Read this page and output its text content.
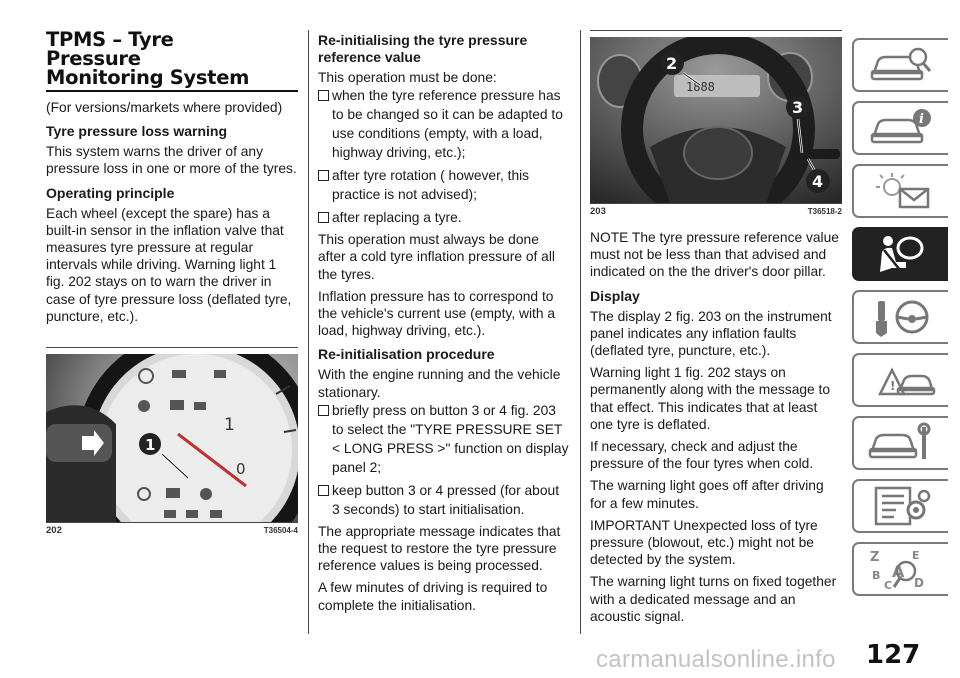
TPMS – Tyre
Pressure
Monitoring System

(For versions/markets where provided)

Tyre pressure loss warning

This system warns the driver of any pressure loss in one or more of the tyres.

Operating principle

Each wheel (except the spare) has a built-in sensor in the inflation valve that measures tyre pressure at regular intervals while driving. Warning light 1 fig. 202 stays on to warn the driver in case of tyre pressure loss (deflated tyre, puncture, etc.).

1
0
1
202	T36504-4
Re-initialising the tyre pressure reference value

This operation must be done:

when the tyre reference pressure has to be changed so it can be adapted to use conditions (empty, with a load, highway driving, etc.);
after tyre rotation ( however, this practice is not advised);
after replacing a tyre.

This operation must always be done after a cold tyre inflation pressure of all the tyres.

Inflation pressure has to correspond to the vehicle's current use (empty, with a load, highway driving, etc.).

Re-initialisation procedure

With the engine running and the vehicle stationary.

briefly press on button 3 or 4 fig. 203 to select the "TYRE PRESSURE SET < LONG PRESS >" function on display panel 2;
keep button 3 or 4 pressed (for about 3 seconds) to start initialisation.

The appropriate message indicates that the request to restore the tyre pressure reference values is being processed.

A few minutes of driving is required to complete the initialisation.

1888
2
3
4
203	T36518-2

NOTE The tyre pressure reference value must not be less than that advised and indicated on the the driver's door pillar.

Display

The display 2 fig. 203 on the instrument panel indicates any inflation faults (deflated tyre, puncture, etc.).

Warning light 1 fig. 202 stays on permanently along with the message to that effect. This indicates that at least one tyre is deflated.

If necessary, check and adjust the pressure of the four tyres when cold.

The warning light goes off after driving for a few minutes.

IMPORTANT Unexpected loss of tyre pressure (blowout, etc.) might not be detected by the system.

The warning light turns on fixed together with a dedicated message and an acoustic signal.

i
!
Z	E
B A
C D
carmanualsonline.info 127
